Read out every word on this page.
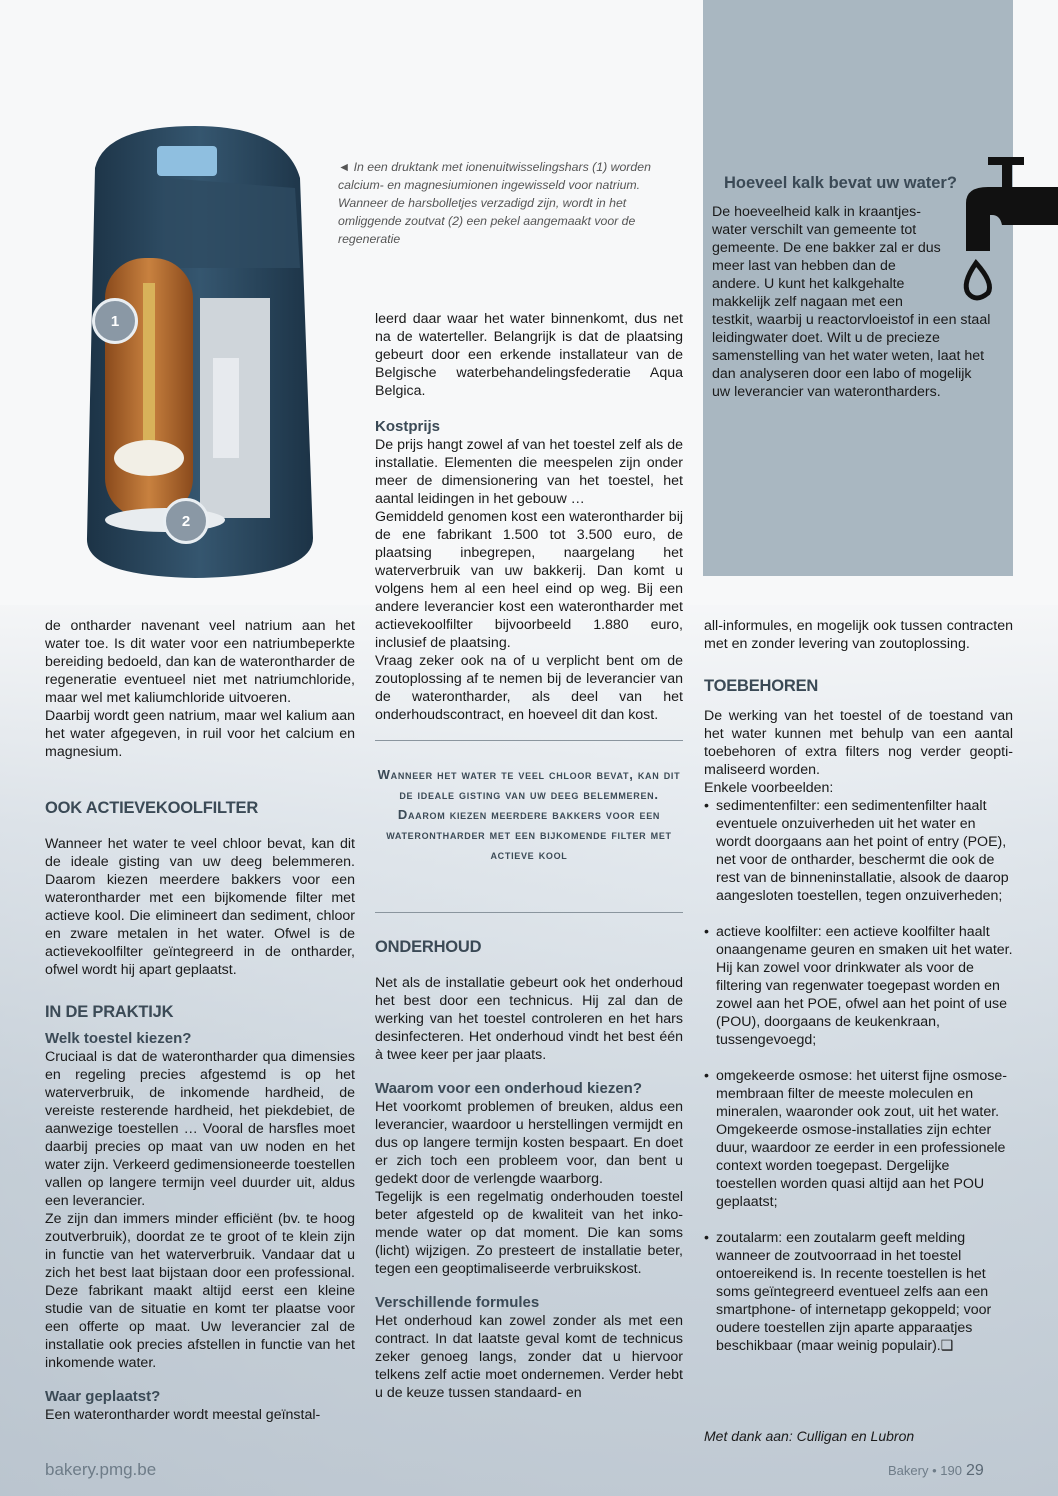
1
2
◄ In een druktank met ionenuitwisselingshars (1) worden calcium- en magnesiumionen ingewisseld voor natrium. Wanneer de harsbolletjes verzadigd zijn, wordt in het omliggende zoutvat (2) een pekel aangemaakt voor de regeneratie
Hoeveel kalk bevat uw water?
De hoeveelheid kalk in kraantjes-
water verschilt van gemeente tot
gemeente. De ene bakker zal er dus
meer last van hebben dan de
andere. U kunt het kalkgehalte
makkelijk zelf nagaan met een
testkit, waarbij u reactorvloeistof in een staal
leidingwater doet. Wilt u de precieze
samenstelling van het water weten, laat het
dan analyseren door een labo of mogelijk
uw leverancier van waterontharders.

de ontharder navenant veel natrium aan het water toe. Is dit water voor een natriumbeperkte bereiding bedoeld, dan kan de waterontharder de regeneratie eventueel niet met natriumchloride, maar wel met kaliumchloride uitvoeren.

Daarbij wordt geen natrium, maar wel kalium aan het water afgegeven, in ruil voor het calcium en magnesium.

OOK ACTIEVEKOOLFILTER

Wanneer het water te veel chloor bevat, kan dit de ideale gisting van uw deeg belemmeren. Daarom kiezen meerdere bakkers voor een waterontharder met een bijkomende filter met actieve kool. Die elimineert dan sediment, chloor en zware metalen in het water. Ofwel is de actievekoolfilter geïntegreerd in de ontharder, ofwel wordt hij apart geplaatst.

IN DE PRAKTIJK

Welk toestel kiezen?

Cruciaal is dat de waterontharder qua dimensies en regeling precies afgestemd is op het waterverbruik, de inkomende hardheid, de vereiste resterende hardheid, het piekdebiet, de aanwezige toestellen … Vooral de harsfles moet daarbij precies op maat van uw noden en het water zijn. Verkeerd gedimensioneerde toestellen vallen op langere termijn veel duurder uit, aldus een leverancier.

Ze zijn dan immers minder efficiënt (bv. te hoog zoutverbruik), doordat ze te groot of te klein zijn in functie van het waterverbruik. Vandaar dat u zich het best laat bijstaan door een professional. Deze fabrikant maakt altijd eerst een kleine studie van de situatie en komt ter plaatse voor een offerte op maat. Uw leverancier zal de installatie ook precies afstellen in functie van het inkomende water.

Waar geplaatst?

Een waterontharder wordt meestal geïnstal-

leerd daar waar het water binnenkomt, dus net na de waterteller. Belangrijk is dat de plaatsing gebeurt door een erkende installateur van de Belgische waterbehandelingsfederatie Aqua Belgica.

Kostprijs

De prijs hangt zowel af van het toestel zelf als de installatie. Elementen die meespelen zijn onder meer de dimensionering van het toestel, het aantal leidingen in het gebouw …

Gemiddeld genomen kost een waterontharder bij de ene fabrikant 1.500 tot 3.500 euro, de plaatsing inbegrepen, naargelang het waterverbruik van uw bakkerij. Dan komt u volgens hem al een heel eind op weg. Bij een andere leverancier kost een waterontharder met actievekoolfilter bijvoorbeeld 1.880 euro, inclusief de plaatsing.

Vraag zeker ook na of u verplicht bent om de zoutoplossing af te nemen bij de leverancier van de waterontharder, als deel van het onderhoudscontract, en hoeveel dit dan kost.

Wanneer het water te veel chloor bevat, kan dit de ideale gisting van uw deeg belemmeren. Daarom kiezen meerdere bakkers voor een waterontharder met een bijkomende filter met actieve kool

ONDERHOUD

Net als de installatie gebeurt ook het onderhoud het best door een technicus. Hij zal dan de werking van het toestel controleren en het hars desinfecteren. Het onderhoud vindt het best één à twee keer per jaar plaats.

Waarom voor een onderhoud kiezen?

Het voorkomt problemen of breuken, aldus een leverancier, waardoor u herstellingen vermijdt en dus op langere termijn kosten bespaart. En doet er zich toch een probleem voor, dan bent u gedekt door de verlengde waarborg.

Tegelijk is een regelmatig onderhouden toestel beter afgesteld op de kwaliteit van het inkomende water op dat moment. Die kan soms (licht) wijzigen. Zo presteert de installatie beter, tegen een geoptimaliseerde verbruikskost.

Verschillende formules

Het onderhoud kan zowel zonder als met een contract. In dat laatste geval komt de technicus zeker genoeg langs, zonder dat u hiervoor telkens zelf actie moet ondernemen. Verder hebt u de keuze tussen standaard- en

all-informules, en mogelijk ook tussen contracten met en zonder levering van zoutoplossing.

TOEBEHOREN

De werking van het toestel of de toestand van het water kunnen met behulp van een aantal toebehoren of extra filters nog verder geoptimaliseerd worden.

Enkele voorbeelden:

• sedimentenfilter: een sedimentenfilter haalt eventuele onzuiverheden uit het water en wordt doorgaans aan het point of entry (POE), net voor de ontharder, beschermt die ook de rest van de binneninstallatie, alsook de daarop aangesloten toestellen, tegen onzuiverheden;
• actieve koolfilter: een actieve koolfilter haalt onaangename geuren en smaken uit het water. Hij kan zowel voor drinkwater als voor de filtering van regenwater toegepast worden en zowel aan het POE, ofwel aan het point of use (POU), doorgaans de keukenkraan, tussengevoegd;
• omgekeerde osmose: het uiterst fijne osmosemembraan filter de meeste moleculen en mineralen, waaronder ook zout, uit het water. Omgekeerde osmose-installaties zijn echter duur, waardoor ze eerder in een professionele context worden toegepast. Dergelijke toestellen worden quasi altijd aan het POU geplaatst;
• zoutalarm: een zoutalarm geeft melding wanneer de zoutvoorraad in het toestel ontoereikend is. In recente toestellen is het soms geïntegreerd eventueel zelfs aan een smartphone- of internetapp gekoppeld; voor oudere toestellen zijn aparte apparaatjes beschikbaar (maar weinig populair).❑
Met dank aan: Culligan en Lubron
bakery.pmg.be	Bakery • 190 29
